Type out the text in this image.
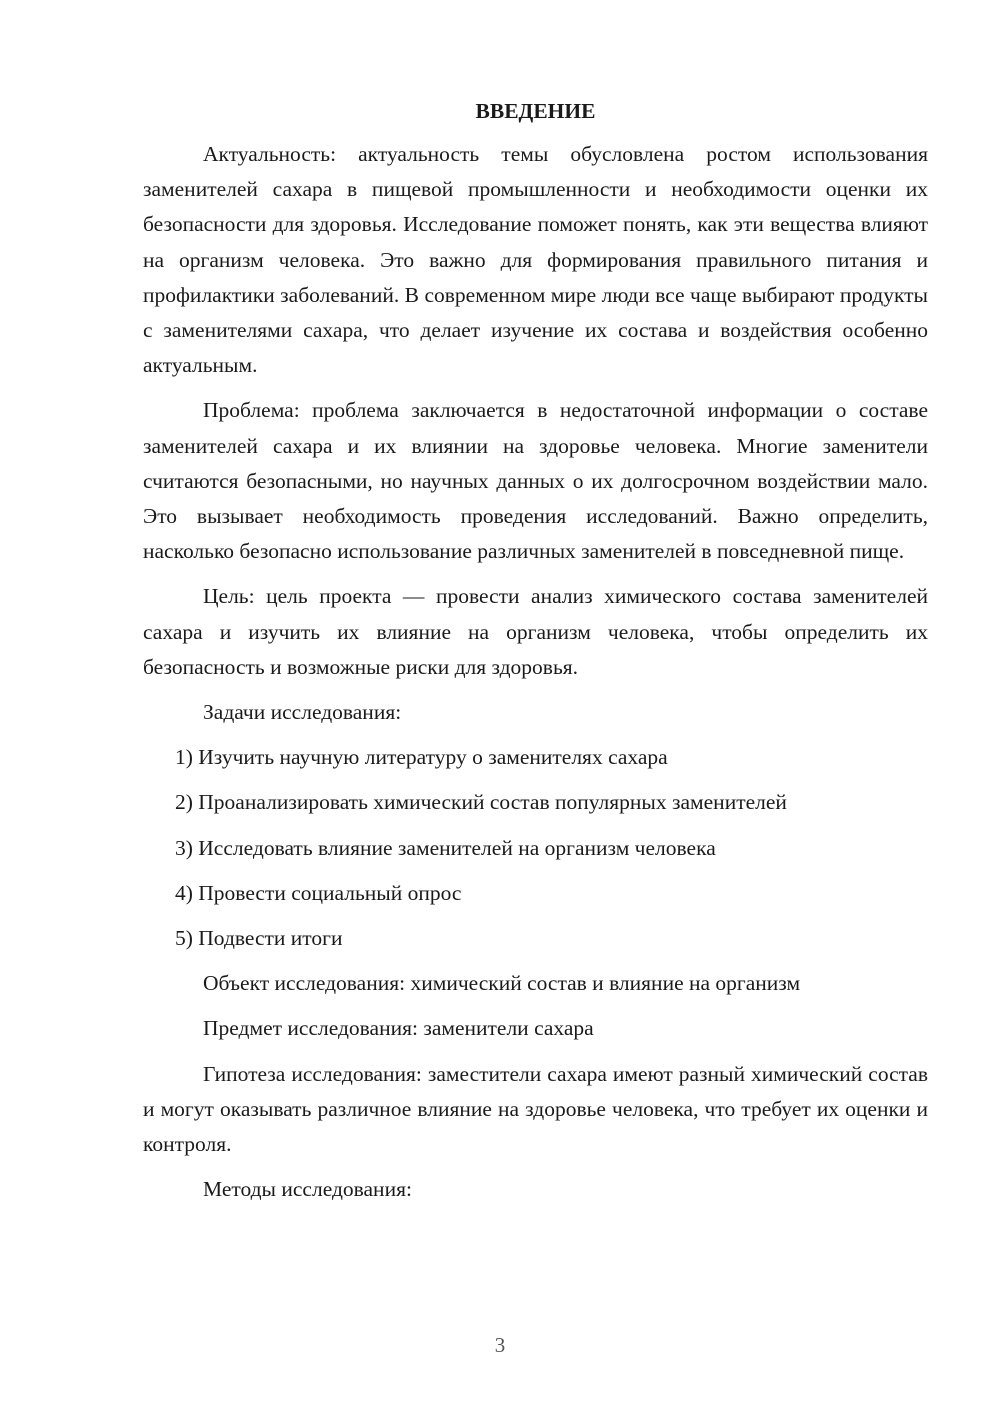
ВВЕДЕНИЕ

Актуальность: актуальность темы обусловлена ростом использования заменителей сахара в пищевой промышленности и необходимости оценки их безопасности для здоровья. Исследование поможет понять, как эти вещества влияют на организм человека. Это важно для формирования правильного питания и профилактики заболеваний. В современном мире люди все чаще выбирают продукты с заменителями сахара, что делает изучение их состава и воздействия особенно актуальным.

Проблема: проблема заключается в недостаточной информации о составе заменителей сахара и их влиянии на здоровье человека. Многие заменители считаются безопасными, но научных данных о их долгосрочном воздействии мало. Это вызывает необходимость проведения исследований. Важно определить, насколько безопасно использование различных заменителей в повседневной пище.

Цель: цель проекта — провести анализ химического состава заменителей сахара и изучить их влияние на организм человека, чтобы определить их безопасность и возможные риски для здоровья.

Задачи исследования:

1) Изучить научную литературу о заменителях сахара

2) Проанализировать химический состав популярных заменителей

3) Исследовать влияние заменителей на организм человека

4) Провести социальный опрос

5) Подвести итоги

Объект исследования: химический состав и влияние на организм

Предмет исследования: заменители сахара

Гипотеза исследования: заместители сахара имеют разный химический состав и могут оказывать различное влияние на здоровье человека, что требует их оценки и контроля.

Методы исследования:

3
